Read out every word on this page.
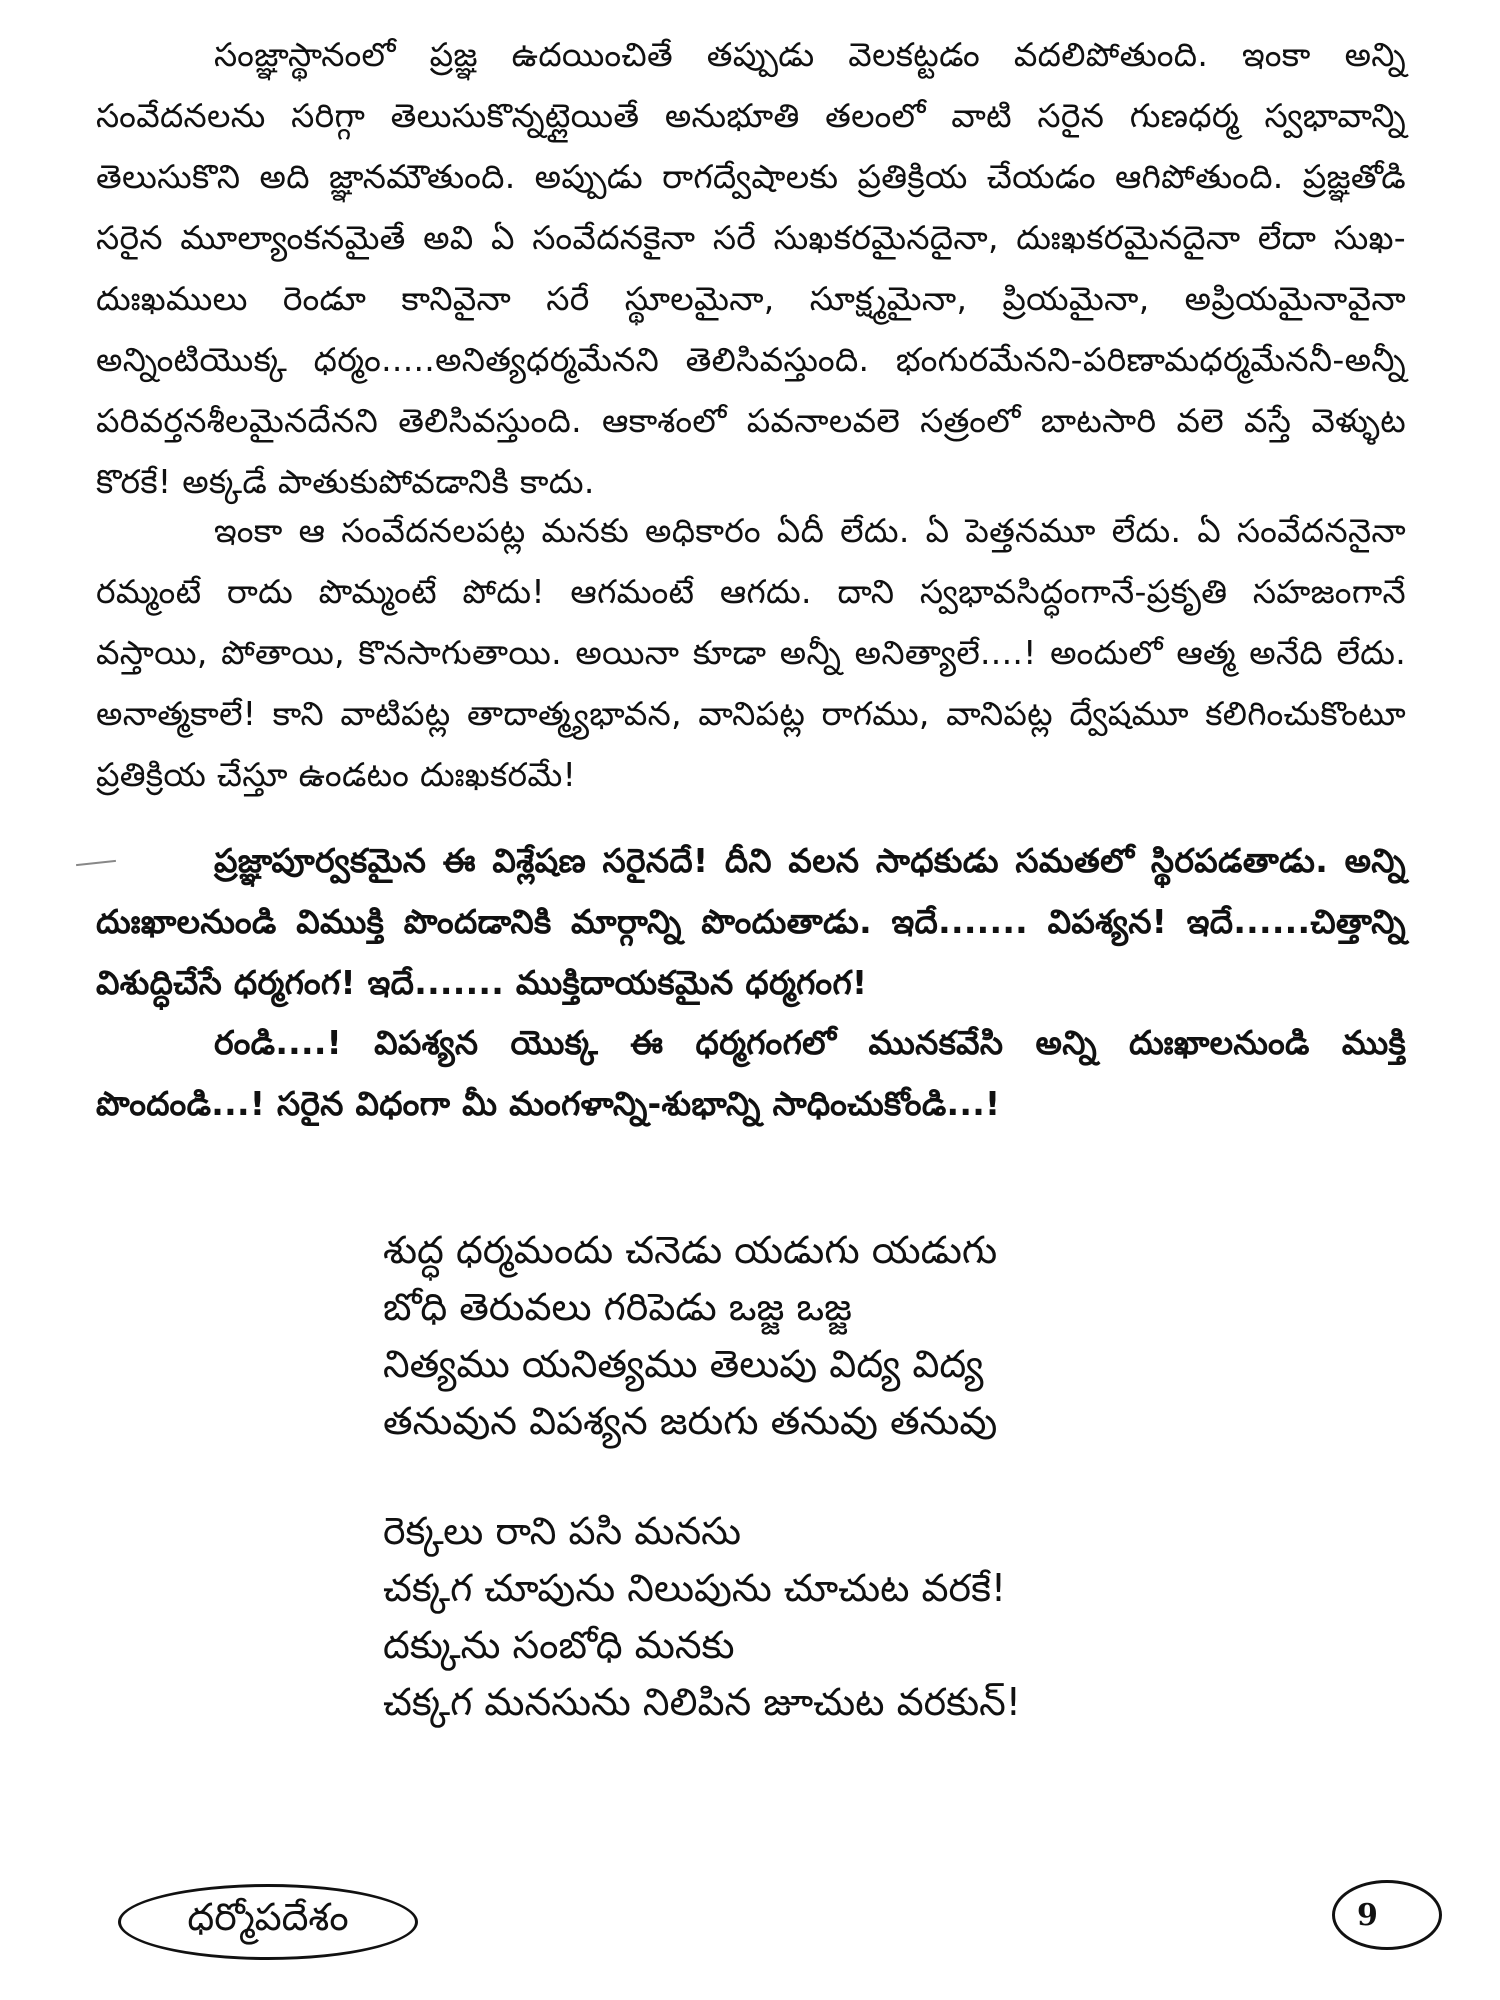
సంజ్ఞాస్థానంలో ప్రజ్ఞ ఉదయించితే తప్పుడు వెలకట్టడం వదలిపోతుంది. ఇంకా అన్ని సంవేదనలను సరిగ్గా తెలుసుకొన్నట్లైయితే అనుభూతి తలంలో వాటి సరైన గుణధర్మ స్వభావాన్ని తెలుసుకొని అది జ్ఞానమౌతుంది. అప్పుడు రాగద్వేషాలకు ప్రతిక్రియ చేయడం ఆగిపోతుంది. ప్రజ్ఞతోడి సరైన మూల్యాంకనమైతే అవి ఏ సంవేదనకైనా సరే సుఖకరమైనదైనా, దుఃఖకరమైనదైనా లేదా సుఖ-దుఃఖములు రెండూ కానివైనా సరే స్థూలమైనా, సూక్ష్మమైనా, ప్రియమైనా, అప్రియమైనావైనా అన్నింటియొక్క ధర్మం.....అనిత్యధర్మమేనని తెలిసివస్తుంది. భంగురమేనని-పరిణామధర్మమేననీ-అన్నీ పరివర్తనశీలమైనదేనని తెలిసివస్తుంది. ఆకాశంలో పవనాలవలె సత్రంలో బాటసారి వలె వస్తే వెళ్ళుట కొరకే! అక్కడే పాతుకుపోవడానికి కాదు.

ఇంకా ఆ సంవేదనలపట్ల మనకు అధికారం ఏదీ లేదు. ఏ పెత్తనమూ లేదు. ఏ సంవేదననైనా రమ్మంటే రాదు పొమ్మంటే పోదు! ఆగమంటే ఆగదు. దాని స్వభావసిద్ధంగానే-ప్రకృతి సహజంగానే వస్తాయి, పోతాయి, కొనసాగుతాయి. అయినా కూడా అన్నీ అనిత్యాలే....! అందులో ఆత్మ అనేది లేదు. అనాత్మకాలే! కాని వాటిపట్ల తాదాత్మ్యభావన, వానిపట్ల రాగము, వానిపట్ల ద్వేషమూ కలిగించుకొంటూ ప్రతిక్రియ చేస్తూ ఉండటం దుఃఖకరమే!

ప్రజ్ఞాపూర్వకమైన ఈ విశ్లేషణ సరైనదే! దీని వలన సాధకుడు సమతలో స్థిరపడతాడు. అన్ని దుఃఖాలనుండి విముక్తి పొందడానికి మార్గాన్ని పొందుతాడు. ఇదే....... విపశ్యన! ఇదే......చిత్తాన్ని విశుద్ధిచేసే ధర్మగంగ! ఇదే....... ముక్తిదాయకమైన ధర్మగంగ!

రండి....! విపశ్యన యొక్క ఈ ధర్మగంగలో మునకవేసి అన్ని దుఃఖాలనుండి ముక్తి పొందండి...! సరైన విధంగా మీ మంగళాన్ని-శుభాన్ని సాధించుకోండి...!

శుద్ధ ధర్మమందు చనెడు యడుగు యడుగు
బోధి తెరువలు గరిపెడు ఒజ్జ ఒజ్జ
నిత్యము యనిత్యము తెలుపు విద్య విద్య
తనువున విపశ్యన జరుగు తనువు తనువు
రెక్కలు రాని పసి మనసు
చక్కగ చూపును నిలుపును చూచుట వరకే!
దక్కును సంబోధి మనకు
చక్కగ మనసును నిలిపిన జూచుట వరకున్!
ధర్మోపదేశం	9
